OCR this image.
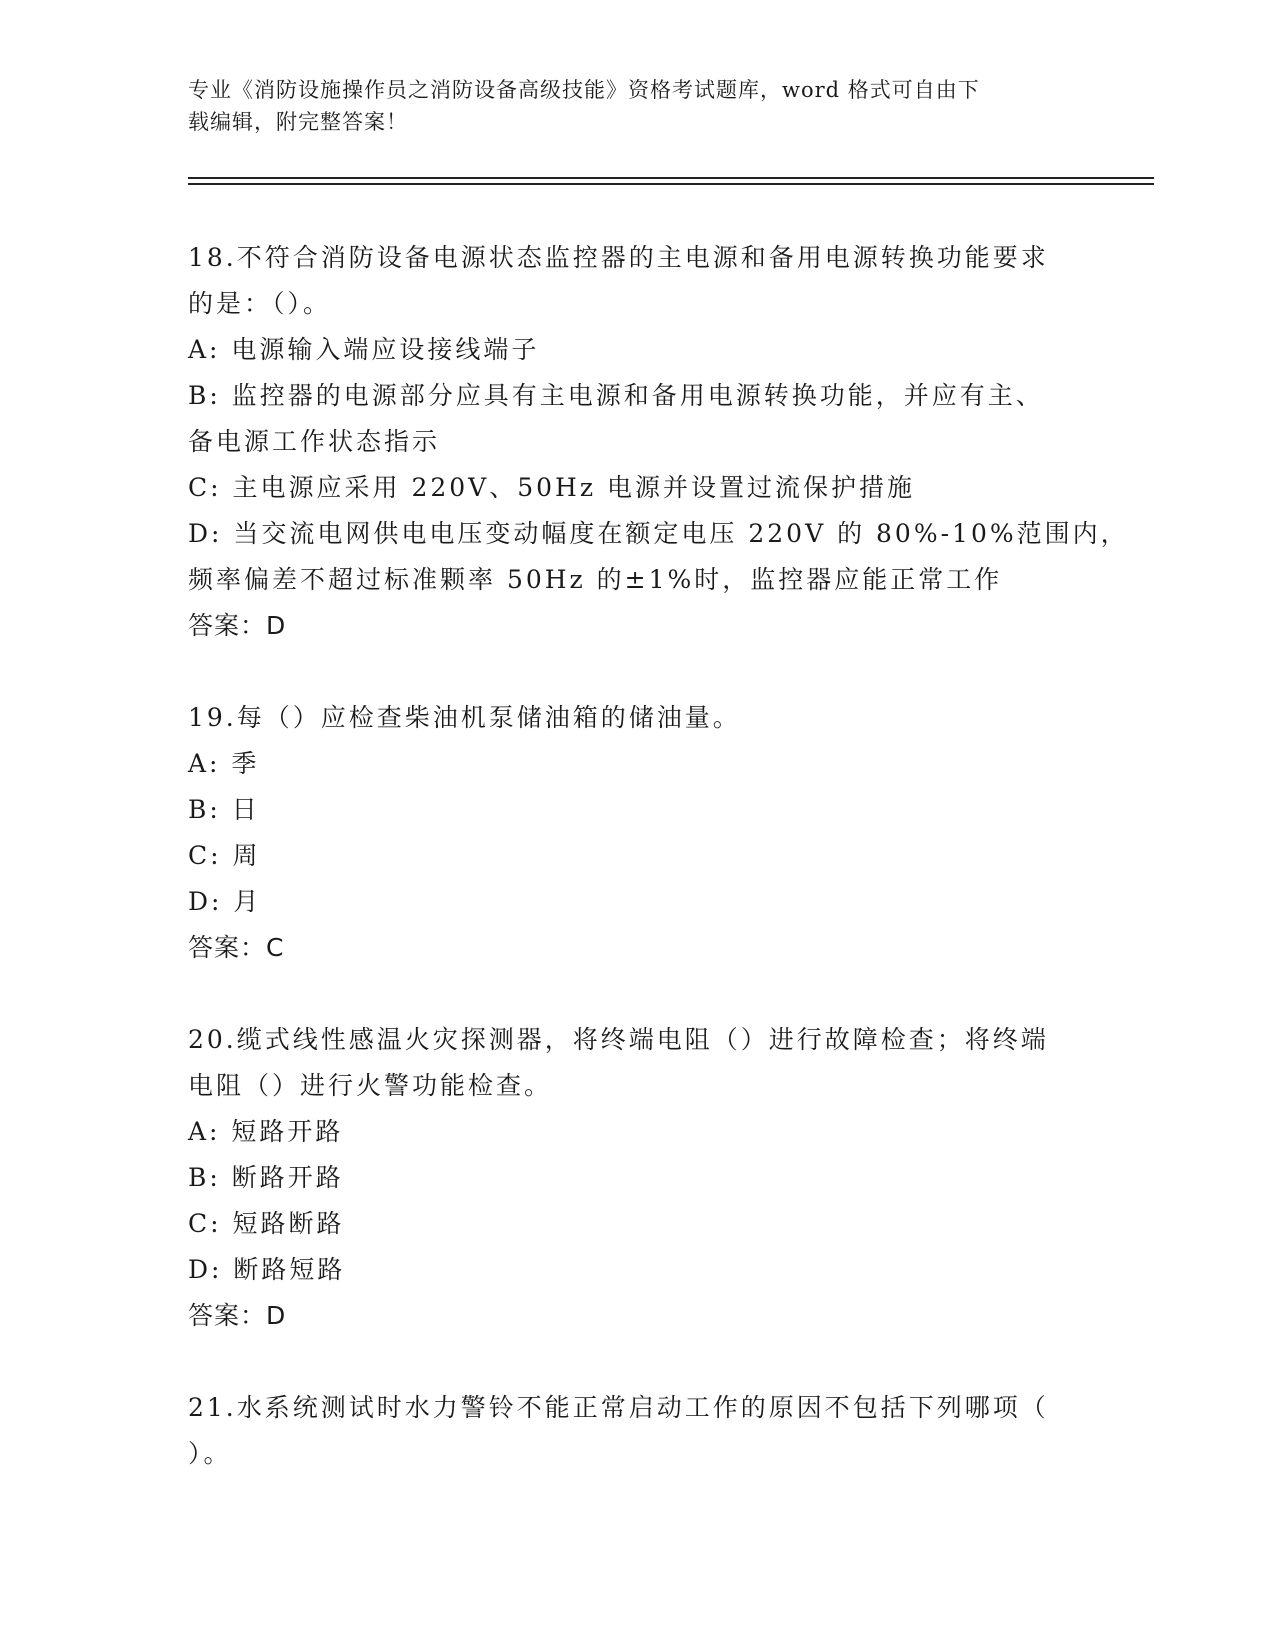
专业《消防设施操作员之消防设备高级技能》资格考试题库，word 格式可自由下
载编辑，附完整答案！
18.不符合消防设备电源状态监控器的主电源和备用电源转换功能要求
的是：（）。
A: 电源输入端应设接线端子
B: 监控器的电源部分应具有主电源和备用电源转换功能，并应有主、
备电源工作状态指示
C: 主电源应采用 220V、50Hz 电源并设置过流保护措施
D: 当交流电网供电电压变动幅度在额定电压 220V 的 80%-10%范围内，
频率偏差不超过标准颗率 50Hz 的±1%时，监控器应能正常工作
答案：D
19.每（）应检查柴油机泵储油箱的储油量。
A: 季
B: 日
C: 周
D: 月
答案：C
20.缆式线性感温火灾探测器，将终端电阻（）进行故障检查；将终端
电阻（）进行火警功能检查。
A: 短路开路
B: 断路开路
C: 短路断路
D: 断路短路
答案：D
21.水系统测试时水力警铃不能正常启动工作的原因不包括下列哪项（
）。
